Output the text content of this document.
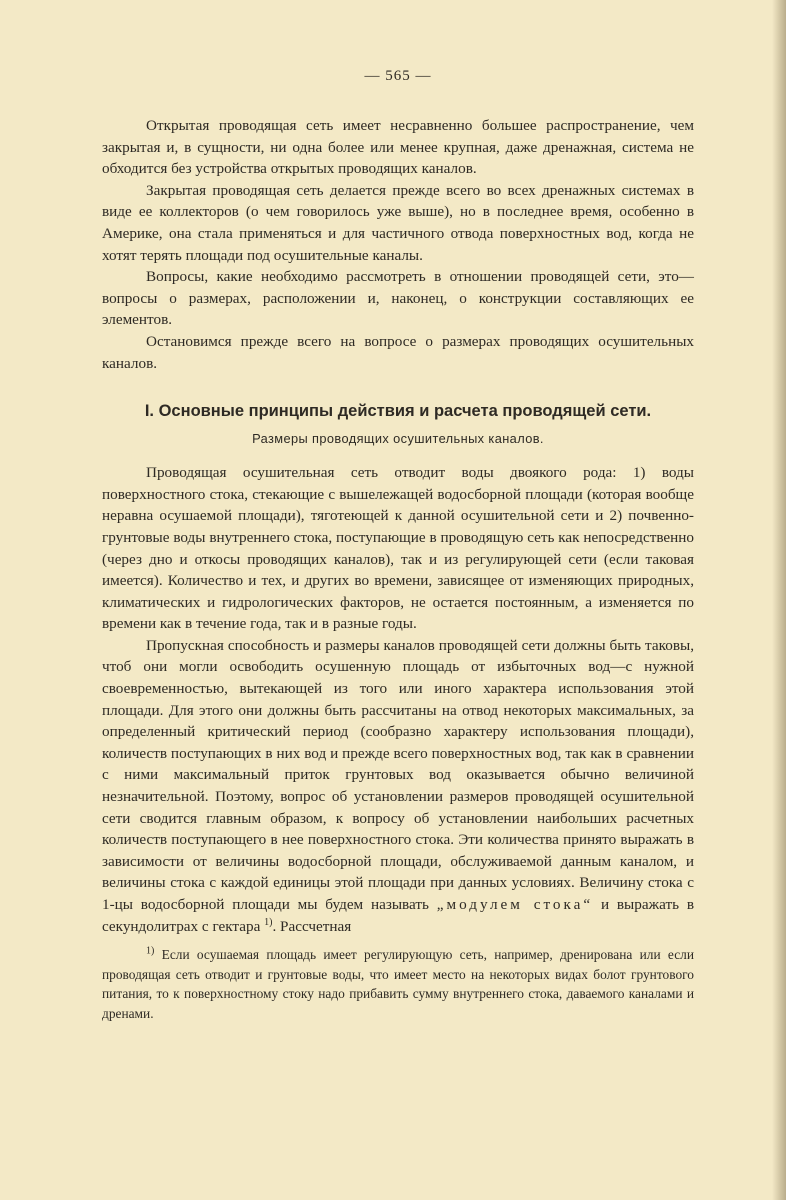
— 565 —

Открытая проводящая сеть имеет несравненно большее распространение, чем закрытая и, в сущности, ни одна более или менее крупная, даже дренажная, система не обходится без устройства открытых проводящих каналов.

Закрытая проводящая сеть делается прежде всего во всех дренажных системах в виде ее коллекторов (о чем говорилось уже выше), но в последнее время, особенно в Америке, она стала применяться и для частичного отвода поверхностных вод, когда не хотят терять площади под осушительные каналы.

Вопросы, какие необходимо рассмотреть в отношении проводящей сети, это—вопросы о размерах, расположении и, наконец, о конструкции составляющих ее элементов.

Остановимся прежде всего на вопросе о размерах проводящих осушительных каналов.

I. Основные принципы действия и расчета проводящей сети.
Размеры проводящих осушительных каналов.

Проводящая осушительная сеть отводит воды двоякого рода: 1) воды поверхностного стока, стекающие с вышележащей водосборной площади (которая вообще неравна осушаемой площади), тяготеющей к данной осушительной сети и 2) почвенно-грунтовые воды внутреннего стока, поступающие в проводящую сеть как непосредственно (через дно и откосы проводящих каналов), так и из регулирующей сети (если таковая имеется). Количество и тех, и других во времени, зависящее от изменяющих природных, климатических и гидрологических факторов, не остается постоянным, а изменяется по времени как в течение года, так и в разные годы.

Пропускная способность и размеры каналов проводящей сети должны быть таковы, чтоб они могли освободить осушенную площадь от избыточных вод—с нужной своевременностью, вытекающей из того или иного характера использования этой площади. Для этого они должны быть рассчитаны на отвод некоторых максимальных, за определенный критический период (сообразно характеру использования площади), количеств поступающих в них вод и прежде всего поверхностных вод, так как в сравнении с ними максимальный приток грунтовых вод оказывается обычно величиной незначительной. Поэтому, вопрос об установлении размеров проводящей осушительной сети сводится главным образом, к вопросу об установлении наибольших расчетных количеств поступающего в нее поверхностного стока. Эти количества принято выражать в зависимости от величины водосборной площади, обслуживаемой данным каналом, и величины стока с каждой единицы этой площади при данных условиях. Величину стока с 1-цы водосборной площади мы будем называть „модулем стока“ и выражать в секундолитрах с гектара $^{1)}$. Рассчетная

$^{1)}$ Если осушаемая площадь имеет регулирующую сеть, например, дренирована или если проводящая сеть отводит и грунтовые воды, что имеет место на некоторых видах болот грунтового питания, то к поверхностному стоку надо прибавить сумму внутреннего стока, даваемого каналами и дренами.
